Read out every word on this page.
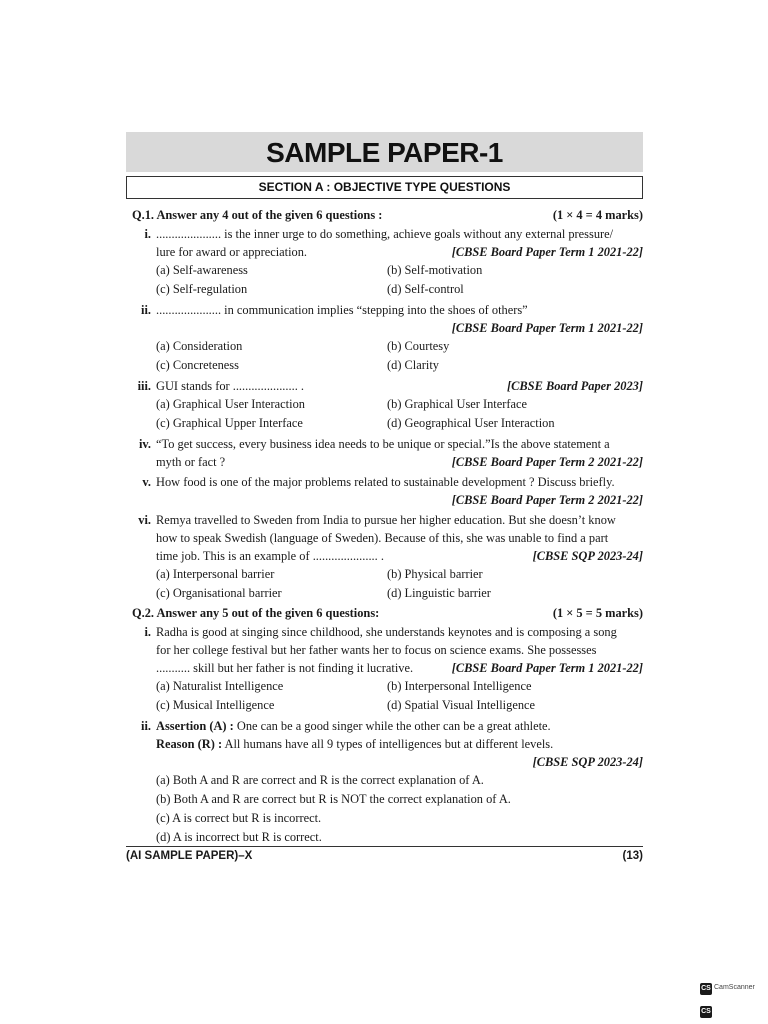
SAMPLE PAPER-1
SECTION A : OBJECTIVE TYPE QUESTIONS
Q.1. Answer any 4 out of the given 6 questions :	(1 × 4 = 4 marks)
i. ..................... is the inner urge to do something, achieve goals without any external pressure/
lure for award or appreciation.	[CBSE Board Paper Term 1 2021-22]
(a) Self-awareness	(b) Self-motivation
(c) Self-regulation	(d) Self-control
ii. ..................... in communication implies “stepping into the shoes of others”
[CBSE Board Paper Term 1 2021-22]
(a) Consideration	(b) Courtesy
(c) Concreteness	(d) Clarity
iii. GUI stands for ..................... .	[CBSE Board Paper 2023]
(a) Graphical User Interaction	(b) Graphical User Interface
(c) Graphical Upper Interface	(d) Geographical User Interaction
iv. “To get success, every business idea needs to be unique or special.”Is the above statement a
myth or fact ?	[CBSE Board Paper Term 2 2021-22]
v. How food is one of the major problems related to sustainable development ? Discuss briefly.
[CBSE Board Paper Term 2 2021-22]
vi. Remya travelled to Sweden from India to pursue her higher education. But she doesn’t know
how to speak Swedish (language of Sweden). Because of this, she was unable to find a part
time job. This is an example of ..................... .	[CBSE SQP 2023-24]
(a) Interpersonal barrier	(b) Physical barrier
(c) Organisational barrier	(d) Linguistic barrier
Q.2. Answer any 5 out of the given 6 questions:	(1 × 5 = 5 marks)
i. Radha is good at singing since childhood, she understands keynotes and is composing a song
for her college festival but her father wants her to focus on science exams. She possesses
........... skill but her father is not finding it lucrative.	[CBSE Board Paper Term 1 2021-22]
(a) Naturalist Intelligence	(b) Interpersonal Intelligence
(c) Musical Intelligence	(d) Spatial Visual Intelligence
ii. Assertion (A) : One can be a good singer while the other can be a great athlete.
Reason (R) : All humans have all 9 types of intelligences but at different levels.
[CBSE SQP 2023-24]
(a) Both A and R are correct and R is the correct explanation of A.
(b) Both A and R are correct but R is NOT the correct explanation of A.
(c) A is correct but R is incorrect.
(d) A is incorrect but R is correct.
(AI SAMPLE PAPER)–X	(13)
CS CamScanner
CS
